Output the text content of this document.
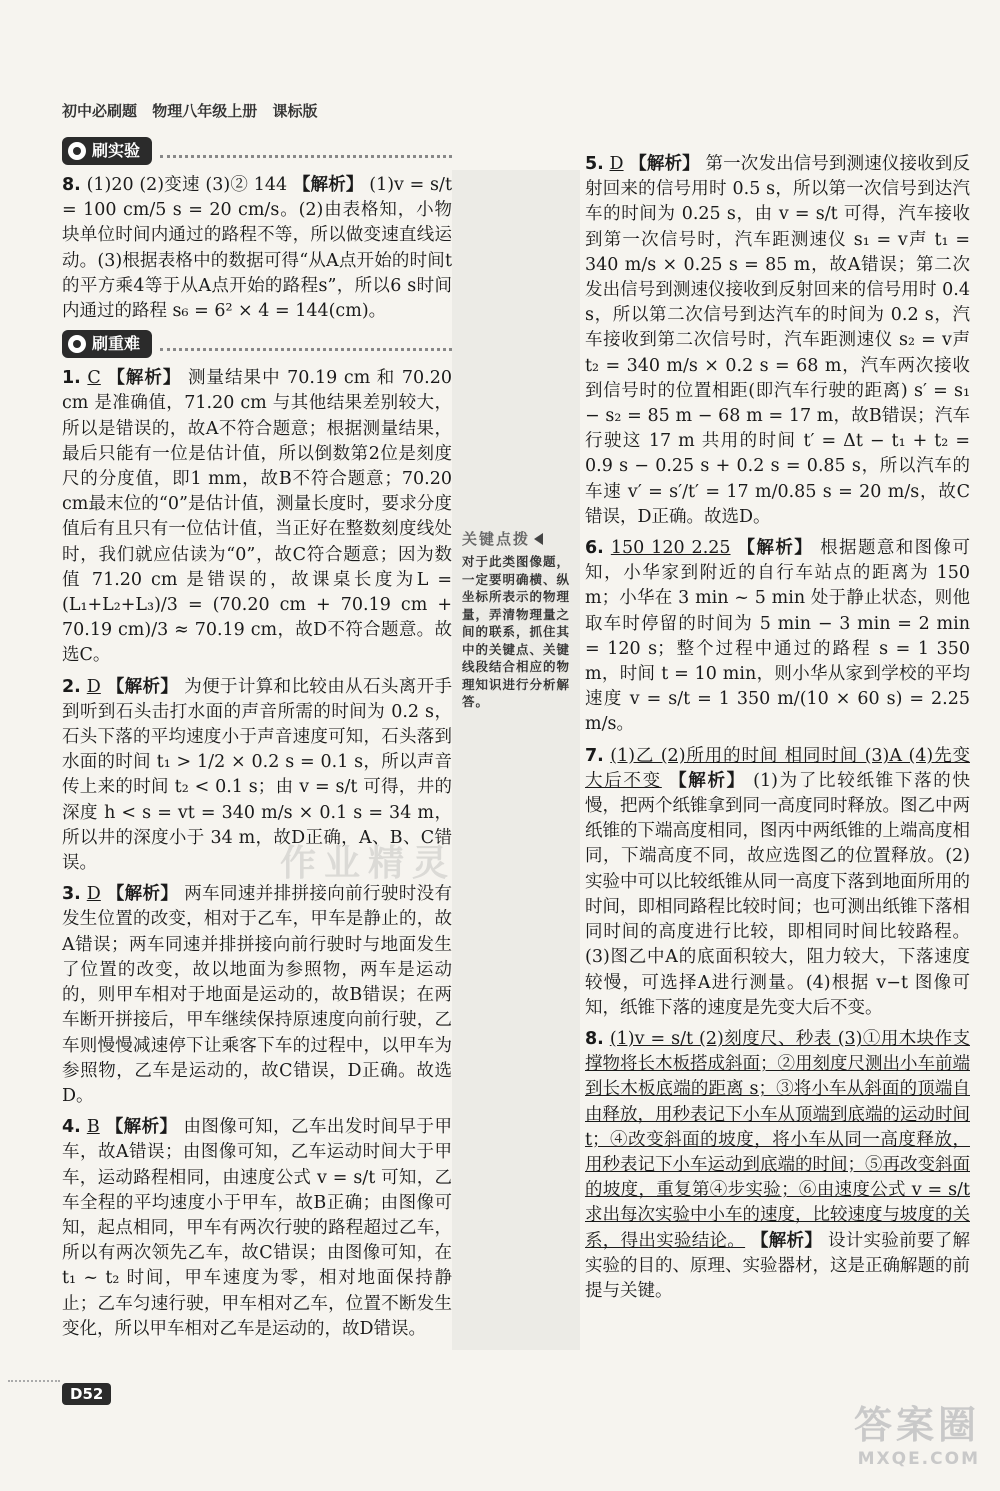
初中必刷题 物理八年级上册 课标版
刷实验
8. (1)20 (2)变速 (3)② 144 【解析】 (1)v = s/t = 100 cm/5 s = 20 cm/s。(2)由表格知，小物块单位时间内通过的路程不等，所以做变速直线运动。(3)根据表格中的数据可得“从A点开始的时间t的平方乘4等于从A点开始的路程s”，所以6 s时间内通过的路程 s₆ = 6² × 4 = 144(cm)。
刷重难
1. C 【解析】 测量结果中 70.19 cm 和 70.20 cm 是准确值，71.20 cm 与其他结果差别较大，所以是错误的，故A不符合题意；根据测量结果，最后只能有一位是估计值，所以倒数第2位是刻度尺的分度值，即1 mm，故B不符合题意；70.20 cm最末位的“0”是估计值，测量长度时，要求分度值后有且只有一位估计值，当正好在整数刻度线处时，我们就应估读为“0”，故C符合题意；因为数值 71.20 cm 是错误的，故课桌长度为L = (L₁+L₂+L₃)/3 = (70.20 cm + 70.19 cm + 70.19 cm)/3 ≈ 70.19 cm，故D不符合题意。故选C。
2. D 【解析】 为便于计算和比较由从石头离开手到听到石头击打水面的声音所需的时间为 0.2 s，石头下落的平均速度小于声音速度可知，石头落到水面的时间 t₁ > 1/2 × 0.2 s = 0.1 s，所以声音传上来的时间 t₂ < 0.1 s；由 v = s/t 可得，井的深度 h < s = vt = 340 m/s × 0.1 s = 34 m，所以井的深度小于 34 m，故D正确，A、B、C错误。
3. D 【解析】 两车同速并排拼接向前行驶时没有发生位置的改变，相对于乙车，甲车是静止的，故A错误；两车同速并排拼接向前行驶时与地面发生了位置的改变，故以地面为参照物，两车是运动的，则甲车相对于地面是运动的，故B错误；在两车断开拼接后，甲车继续保持原速度向前行驶，乙车则慢慢减速停下让乘客下车的过程中，以甲车为参照物，乙车是运动的，故C错误，D正确。故选D。
4. B 【解析】 由图像可知，乙车出发时间早于甲车，故A错误；由图像可知，乙车运动时间大于甲车，运动路程相同，由速度公式 v = s/t 可知，乙车全程的平均速度小于甲车，故B正确；由图像可知，起点相同，甲车有两次行驶的路程超过乙车，所以有两次领先乙车，故C错误；由图像可知，在 t₁ ~ t₂ 时间，甲车速度为零，相对地面保持静止；乙车匀速行驶，甲车相对乙车，位置不断发生变化，所以甲车相对乙车是运动的，故D错误。
关键点拨
对于此类图像题，一定要明确横、纵坐标所表示的物理量，弄清物理量之间的联系，抓住其中的关键点、关键线段结合相应的物理知识进行分析解答。
5. D 【解析】 第一次发出信号到测速仪接收到反射回来的信号用时 0.5 s，所以第一次信号到达汽车的时间为 0.25 s，由 v = s/t 可得，汽车接收到第一次信号时，汽车距测速仪 s₁ = v声 t₁ = 340 m/s × 0.25 s = 85 m，故A错误；第二次发出信号到测速仪接收到反射回来的信号用时 0.4 s，所以第二次信号到达汽车的时间为 0.2 s，汽车接收到第二次信号时，汽车距测速仪 s₂ = v声 t₂ = 340 m/s × 0.2 s = 68 m，汽车两次接收到信号时的位置相距(即汽车行驶的距离) s′ = s₁ − s₂ = 85 m − 68 m = 17 m，故B错误；汽车行驶这 17 m 共用的时间 t′ = Δt − t₁ + t₂ = 0.9 s − 0.25 s + 0.2 s = 0.85 s，所以汽车的车速 v′ = s′/t′ = 17 m/0.85 s = 20 m/s，故C错误，D正确。故选D。
6. 150 120 2.25 【解析】 根据题意和图像可知，小华家到附近的自行车站点的距离为 150 m；小华在 3 min ~ 5 min 处于静止状态，则他取车时停留的时间为 5 min − 3 min = 2 min = 120 s；整个过程中通过的路程 s = 1 350 m，时间 t = 10 min，则小华从家到学校的平均速度 v = s/t = 1 350 m/(10 × 60 s) = 2.25 m/s。
7. (1)乙 (2)所用的时间 相同时间 (3)A (4)先变大后不变 【解析】 (1)为了比较纸锥下落的快慢，把两个纸锥拿到同一高度同时释放。图乙中两纸锥的下端高度相同，图丙中两纸锥的上端高度相同，下端高度不同，故应选图乙的位置释放。(2)实验中可以比较纸锥从同一高度下落到地面所用的时间，即相同路程比较时间；也可测出纸锥下落相同时间的高度进行比较，即相同时间比较路程。(3)图乙中A的底面积较大，阻力较大，下落速度较慢，可选择A进行测量。(4)根据 v−t 图像可知，纸锥下落的速度是先变大后不变。
8. (1)v = s/t (2)刻度尺、秒表 (3)①用木块作支撑物将长木板搭成斜面；②用刻度尺测出小车前端到长木板底端的距离 s；③将小车从斜面的顶端自由释放，用秒表记下小车从顶端到底端的运动时间 t；④改变斜面的坡度，将小车从同一高度释放，用秒表记下小车运动到底端的时间；⑤再改变斜面的坡度，重复第④步实验；⑥由速度公式 v = s/t 求出每次实验中小车的速度，比较速度与坡度的关系，得出实验结论。 【解析】 设计实验前要了解实验的目的、原理、实验器材，这是正确解题的前提与关键。
D52
作业精灵
答案圈
MXQE.COM
